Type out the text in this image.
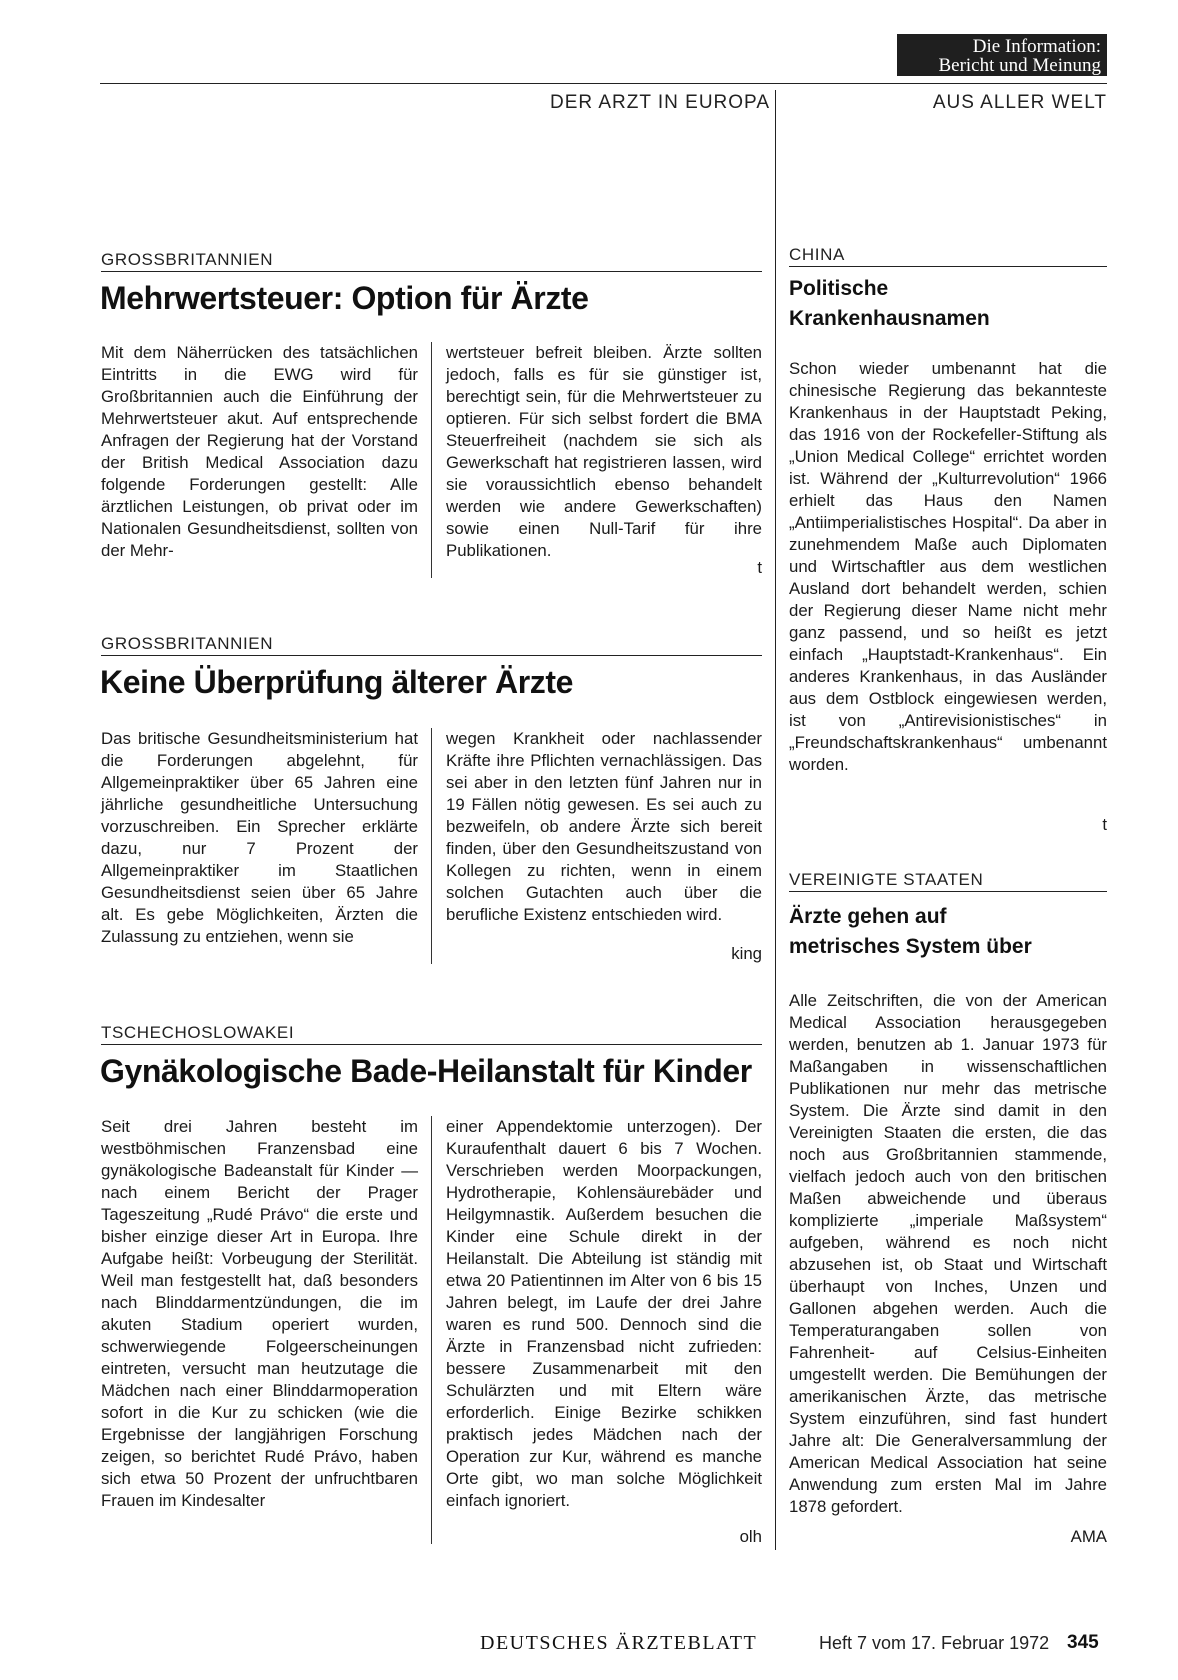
Die Information:
Bericht und Meinung
DER ARZT IN EUROPA	AUS ALLER WELT
GROSSBRITANNIEN
Mehrwertsteuer: Option für Ärzte

Mit dem Näherrücken des tatsächlichen Eintritts in die EWG wird für Großbritannien auch die Einführung der Mehrwertsteuer akut. Auf entsprechende Anfragen der Regierung hat der Vorstand der British Medical Association dazu folgende Forderungen gestellt: Alle ärztlichen Leistungen, ob privat oder im Nationalen Gesundheitsdienst, sollten von der Mehr-

wertsteuer befreit bleiben. Ärzte sollten jedoch, falls es für sie günstiger ist, berechtigt sein, für die Mehrwertsteuer zu optieren. Für sich selbst fordert die BMA Steuerfreiheit (nachdem sie sich als Gewerkschaft hat registrieren lassen, wird sie voraussichtlich ebenso behandelt werden wie andere Gewerkschaften) sowie einen Null-Tarif für ihre Publikationen.

t
GROSSBRITANNIEN
Keine Überprüfung älterer Ärzte

Das britische Gesundheitsministerium hat die Forderungen abgelehnt, für Allgemeinpraktiker über 65 Jahren eine jährliche gesundheitliche Untersuchung vorzuschreiben. Ein Sprecher erklärte dazu, nur 7 Prozent der Allgemeinpraktiker im Staatlichen Gesundheitsdienst seien über 65 Jahre alt. Es gebe Möglichkeiten, Ärzten die Zulassung zu entziehen, wenn sie

wegen Krankheit oder nachlassender Kräfte ihre Pflichten vernachlässigen. Das sei aber in den letzten fünf Jahren nur in 19 Fällen nötig gewesen. Es sei auch zu bezweifeln, ob andere Ärzte sich bereit finden, über den Gesundheitszustand von Kollegen zu richten, wenn in einem solchen Gutachten auch über die berufliche Existenz entschieden wird.

king
TSCHECHOSLOWAKEI
Gynäkologische Bade-Heilanstalt für Kinder

Seit drei Jahren besteht im westböhmischen Franzensbad eine gynäkologische Badeanstalt für Kinder — nach einem Bericht der Prager Tageszeitung „Rudé Právo“ die erste und bisher einzige dieser Art in Europa. Ihre Aufgabe heißt: Vorbeugung der Sterilität. Weil man festgestellt hat, daß besonders nach Blinddarmentzündungen, die im akuten Stadium operiert wurden, schwerwiegende Folgeerscheinungen eintreten, versucht man heutzutage die Mädchen nach einer Blinddarmoperation sofort in die Kur zu schicken (wie die Ergebnisse der langjährigen Forschung zeigen, so berichtet Rudé Právo, haben sich etwa 50 Prozent der unfruchtbaren Frauen im Kindesalter

einer Appendektomie unterzogen). Der Kuraufenthalt dauert 6 bis 7 Wochen. Verschrieben werden Moorpackungen, Hydrotherapie, Kohlensäurebäder und Heilgymnastik. Außerdem besuchen die Kinder eine Schule direkt in der Heilanstalt. Die Abteilung ist ständig mit etwa 20 Patientinnen im Alter von 6 bis 15 Jahren belegt, im Laufe der drei Jahre waren es rund 500. Dennoch sind die Ärzte in Franzensbad nicht zufrieden: bessere Zusammenarbeit mit den Schulärzten und mit Eltern wäre erforderlich. Einige Bezirke schikken praktisch jedes Mädchen nach der Operation zur Kur, während es manche Orte gibt, wo man solche Möglichkeit einfach ignoriert.

olh
CHINA
Politische
Krankenhausnamen

Schon wieder umbenannt hat die chinesische Regierung das bekannteste Krankenhaus in der Hauptstadt Peking, das 1916 von der Rockefeller-Stiftung als „Union Medical College“ errichtet worden ist. Während der „Kulturrevolution“ 1966 erhielt das Haus den Namen „Antiimperialistisches Hospital“. Da aber in zunehmendem Maße auch Diplomaten und Wirtschaftler aus dem westlichen Ausland dort behandelt werden, schien der Regierung dieser Name nicht mehr ganz passend, und so heißt es jetzt einfach „Hauptstadt-Krankenhaus“. Ein anderes Krankenhaus, in das Ausländer aus dem Ostblock eingewiesen werden, ist von „Antirevisionistisches“ in „Freundschaftskrankenhaus“ umbenannt worden.

t
VEREINIGTE STAATEN
Ärzte gehen auf
metrisches System über

Alle Zeitschriften, die von der American Medical Association herausgegeben werden, benutzen ab 1. Januar 1973 für Maßangaben in wissenschaftlichen Publikationen nur mehr das metrische System. Die Ärzte sind damit in den Vereinigten Staaten die ersten, die das noch aus Großbritannien stammende, vielfach jedoch auch von den britischen Maßen abweichende und überaus komplizierte „imperiale Maßsystem“ aufgeben, während es noch nicht abzusehen ist, ob Staat und Wirtschaft überhaupt von Inches, Unzen und Gallonen abgehen werden. Auch die Temperaturangaben sollen von Fahrenheit- auf Celsius-Einheiten umgestellt werden. Die Bemühungen der amerikanischen Ärzte, das metrische System einzuführen, sind fast hundert Jahre alt: Die Generalversammlung der American Medical Association hat seine Anwendung zum ersten Mal im Jahre 1878 gefordert.

AMA
DEUTSCHES ÄRZTEBLATT	Heft 7 vom 17. Februar 1972 345
